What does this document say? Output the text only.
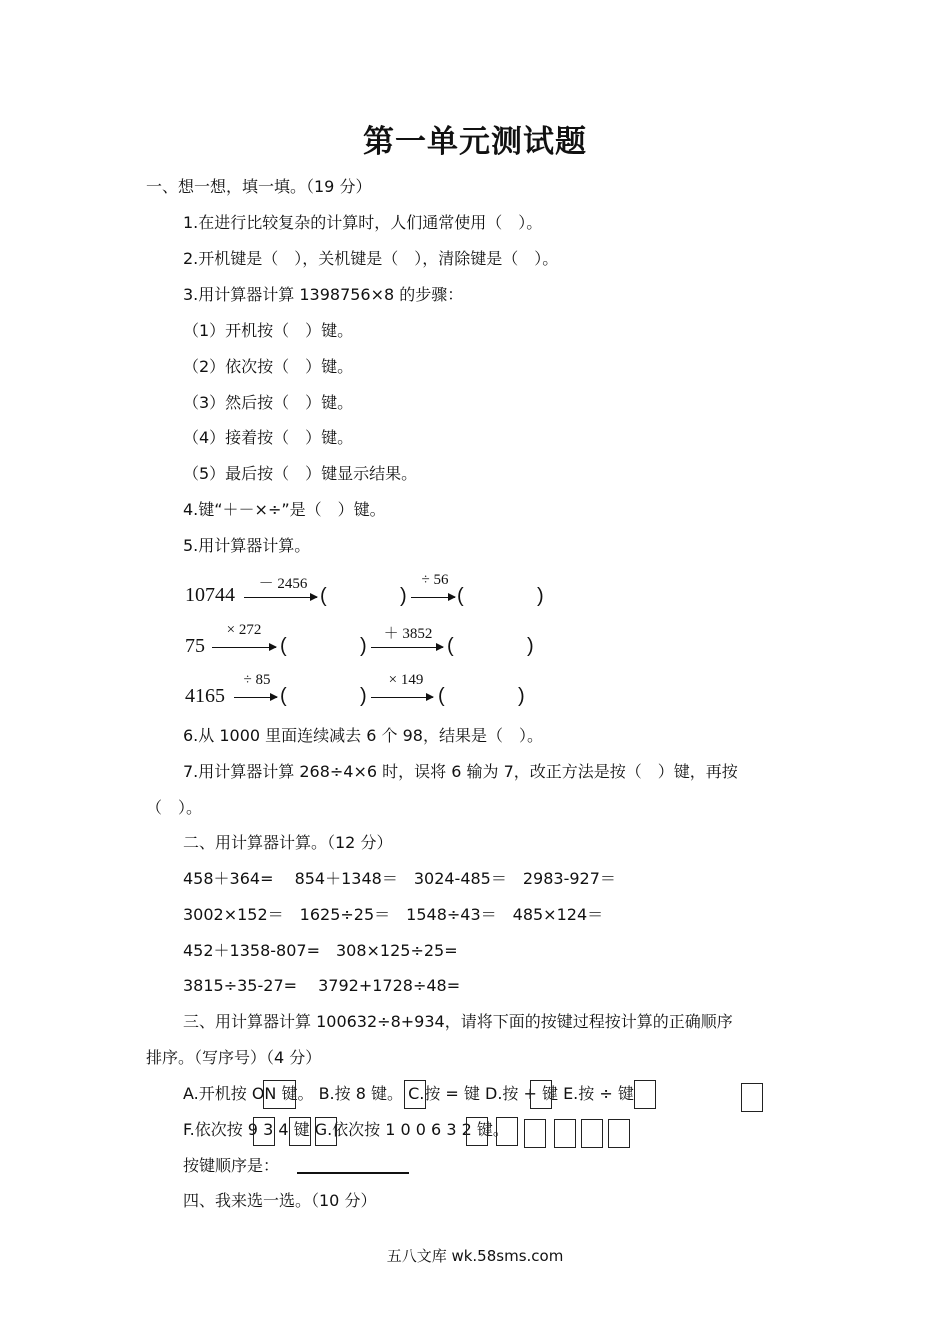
第一单元测试题
一、想一想，填一填。（19 分）
1.在进行比较复杂的计算时，人们通常使用（　）。
2.开机键是（　），关机键是（　），清除键是（　）。
3.用计算器计算 1398756×8 的步骤：
（1）开机按（　）键。
（2）依次按（　）键。
（3）然后按（　）键。
（4）接着按（　）键。
（5）最后按（　）键显示结果。
4.键“＋－×÷”是（　）键。
5.用计算器计算。
10744	－ 2456
(	)
÷ 56
(	)
75
× 272
(	)
＋ 3852
(	)
4165
÷ 85
(	)
× 149
(	)
6.从 1000 里面连续减去 6 个 98，结果是（　）。
7.用计算器计算 268÷4×6 时，误将 6 输为 7，改正方法是按（　）键，再按
（　）。
二、用计算器计算。（12 分）
458＋364=　 854＋1348＝　3024-485＝　2983-927＝
3002×152＝　1625÷25＝　1548÷43＝　485×124＝
452＋1358-807=　308×125÷25=
3815÷35-27=　 3792+1728÷48=
三、用计算器计算 100632÷8+934，请将下面的按键过程按计算的正确顺序
排序。（写序号）（4 分）
A.开机按 ON 键。 B.按 8 键。 C.按 = 键 D.按 + 键 E.按 ÷ 键
F.依次按 9 3 4 键 G.依次按 1 0 0 6 3 2 键。
按键顺序是：
四、我来选一选。（10 分）
五八文库 wk.58sms.com
